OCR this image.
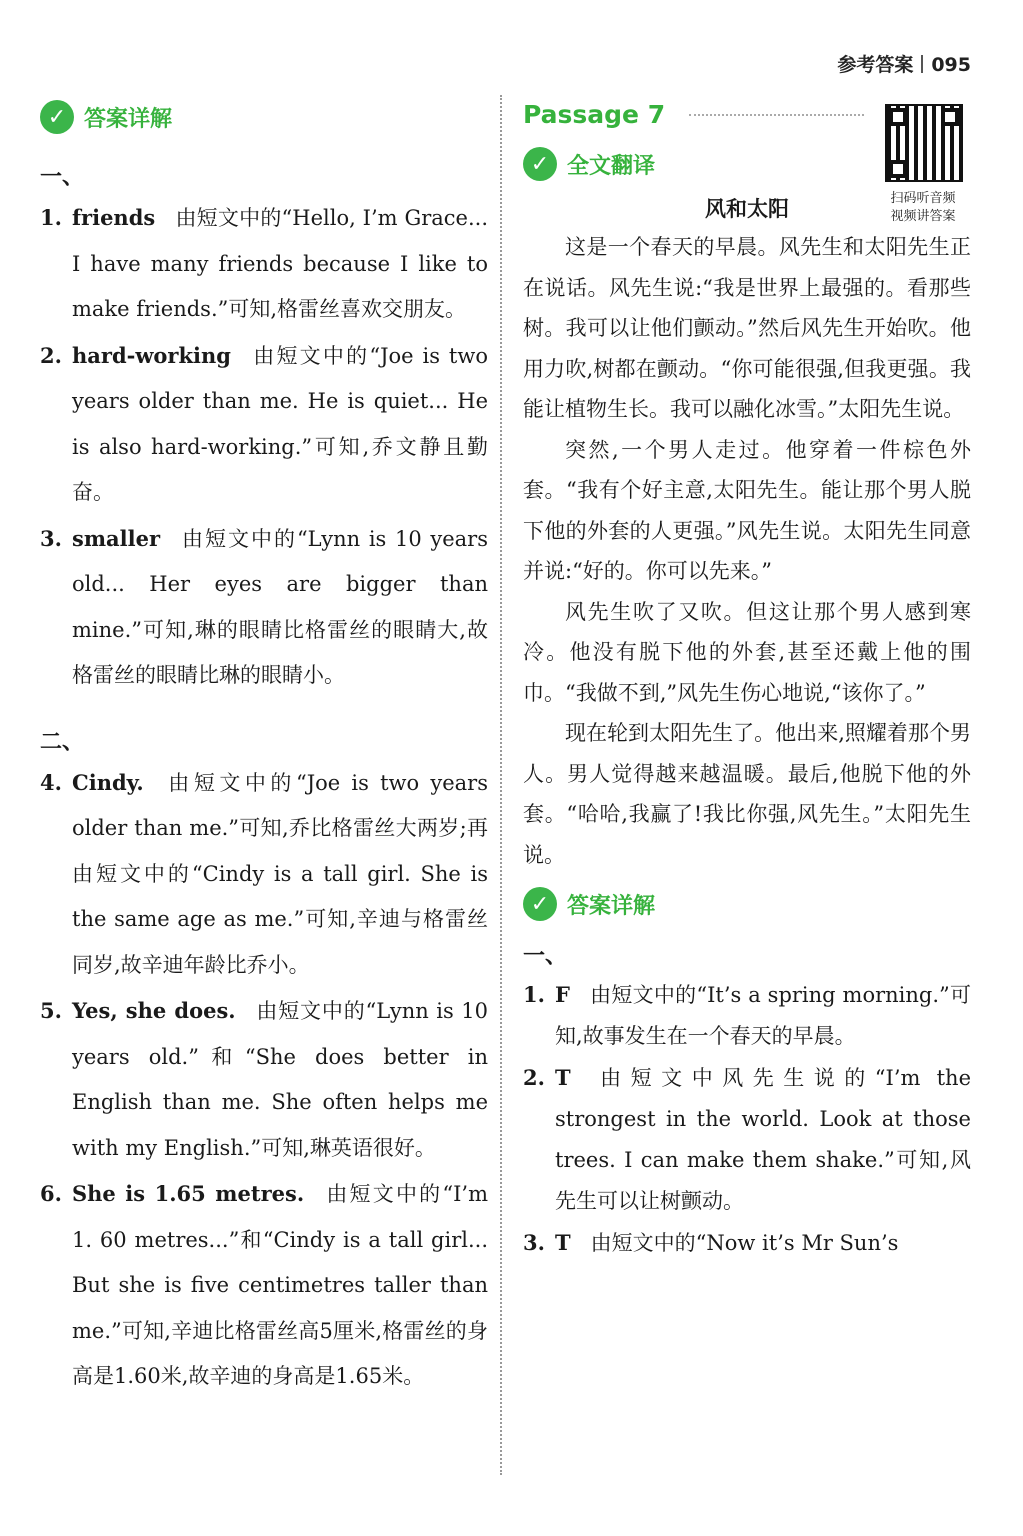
参考答案 095
✓ 答案详解
一、
1. friends 由短文中的“Hello, I’m Grace... I have many friends because I like to make friends.”可知,格雷丝喜欢交朋友。
2. hard-working 由短文中的“Joe is two years older than me. He is quiet... He is also hard-working.”可知,乔文静且勤奋。
3. smaller 由短文中的“Lynn is 10 years old... Her eyes are bigger than mine.”可知,琳的眼睛比格雷丝的眼睛大,故格雷丝的眼睛比琳的眼睛小。
二、
4. Cindy. 由短文中的“Joe is two years older than me.”可知,乔比格雷丝大两岁;再由短文中的“Cindy is a tall girl. She is the same age as me.”可知,辛迪与格雷丝同岁,故辛迪年龄比乔小。
5. Yes, she does. 由短文中的“Lynn is 10 years old.”和“She does better in English than me. She often helps me with my English.”可知,琳英语很好。
6. She is 1.65 metres. 由短文中的“I’m 1. 60 metres...”和“Cindy is a tall girl... But she is five centimetres taller than me.”可知,辛迪比格雷丝高5厘米,格雷丝的身高是1.60米,故辛迪的身高是1.65米。
Passage 7
扫码听音频
视频讲答案
✓ 全文翻译
风和太阳

这是一个春天的早晨。风先生和太阳先生正在说话。风先生说:“我是世界上最强的。看那些树。我可以让他们颤动。”然后风先生开始吹。他用力吹,树都在颤动。“你可能很强,但我更强。我能让植物生长。我可以融化冰雪。”太阳先生说。

突然,一个男人走过。他穿着一件棕色外套。“我有个好主意,太阳先生。能让那个男人脱下他的外套的人更强。”风先生说。太阳先生同意并说:“好的。你可以先来。”

风先生吹了又吹。但这让那个男人感到寒冷。他没有脱下他的外套,甚至还戴上他的围巾。“我做不到,”风先生伤心地说,“该你了。”

现在轮到太阳先生了。他出来,照耀着那个男人。男人觉得越来越温暖。最后,他脱下他的外套。“哈哈,我赢了!我比你强,风先生。”太阳先生说。

✓ 答案详解
一、
1. F 由短文中的“It’s a spring morning.”可知,故事发生在一个春天的早晨。
2. T 由短文中风先生说的“I’m the strongest in the world. Look at those trees. I can make them shake.”可知,风先生可以让树颤动。
3. T 由短文中的“Now it’s Mr Sun’s
